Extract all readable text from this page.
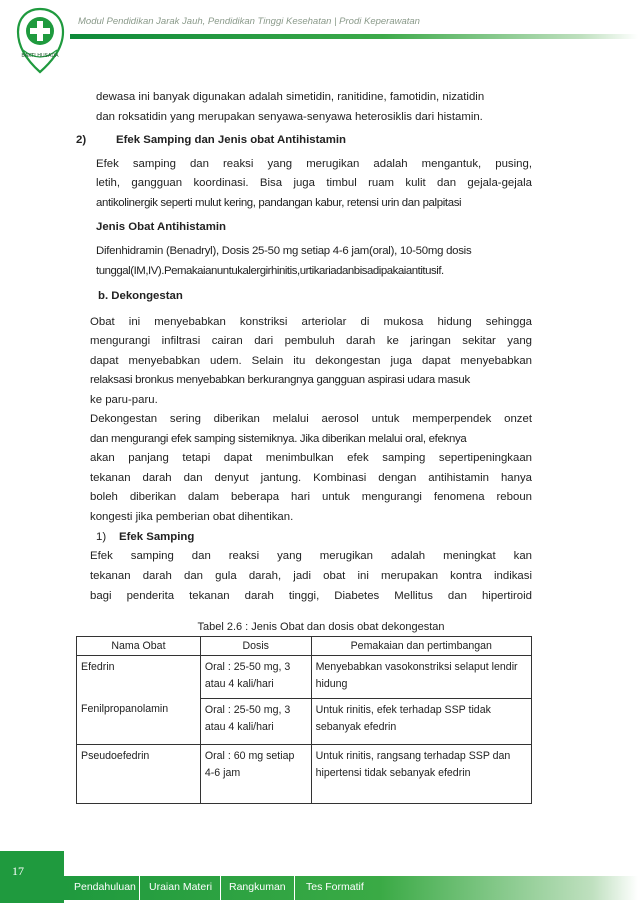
BAKTI HUSADA
Modul Pendidikan Jarak Jauh, Pendidikan Tinggi Kesehatan | Prodi Keperawatan
dewasa ini banyak digunakan adalah simetidin, ranitidine, famotidin, nizatidin
dan roksatidin yang merupakan senyawa-senyawa heterosiklis dari histamin.
2)	Efek Samping dan Jenis obat Antihistamin
Efek samping dan reaksi yang merugikan adalah mengantuk, pusing,
letih, gangguan koordinasi. Bisa juga timbul ruam kulit dan gejala-gejala
antikolinergik seperti mulut kering, pandangan kabur, retensi urin dan palpitasi
Jenis Obat Antihistamin
Difenhidramin (Benadryl), Dosis 25-50 mg setiap 4-6 jam(oral), 10-50mg dosis
tunggal(IM,IV).Pemakaianuntukalergirhinitis,urtikariadanbisadipakaiantitusif.
b. Dekongestan
Obat ini menyebabkan konstriksi arteriolar di mukosa hidung sehingga
mengurangi infiltrasi cairan dari pembuluh darah ke jaringan sekitar yang
dapat menyebabkan udem. Selain itu dekongestan juga dapat menyebabkan
relaksasi bronkus menyebabkan berkurangnya gangguan aspirasi udara masuk
ke paru-paru.
Dekongestan sering diberikan melalui aerosol untuk memperpendek onzet
dan mengurangi efek samping sistemiknya. Jika diberikan melalui oral, efeknya
akan panjang tetapi dapat menimbulkan efek samping sepertipeningkaan
tekanan darah dan denyut jantung. Kombinasi dengan antihistamin hanya
boleh diberikan dalam beberapa hari untuk mengurangi fenomena reboun
kongesti jika pemberian obat dihentikan.
1) Efek Samping
Efek samping dan reaksi yang merugikan adalah meningkat kan
tekanan darah dan gula darah, jadi obat ini merupakan kontra indikasi
bagi penderita tekanan darah tinggi, Diabetes Mellitus dan hipertiroid
Tabel 2.6 : Jenis Obat dan dosis obat dekongestan
Nama Obat	Dosis	Pemakaian dan pertimbangan
Efedrin	Oral : 25-50 mg, 3 atau 4 kali/hari	Menyebabkan vasokonstriksi selaput lendir hidung
Fenilpropanolamin	Oral : 25-50 mg, 3 atau 4 kali/hari	Untuk rinitis, efek terhadap SSP tidak sebanyak efedrin
Pseudoefedrin	Oral : 60 mg setiap 4-6 jam	Untuk rinitis, rangsang terhadap SSP dan hipertensi tidak sebanyak efedrin
17
Pendahuluan Uraian Materi Rangkuman Tes Formatif
